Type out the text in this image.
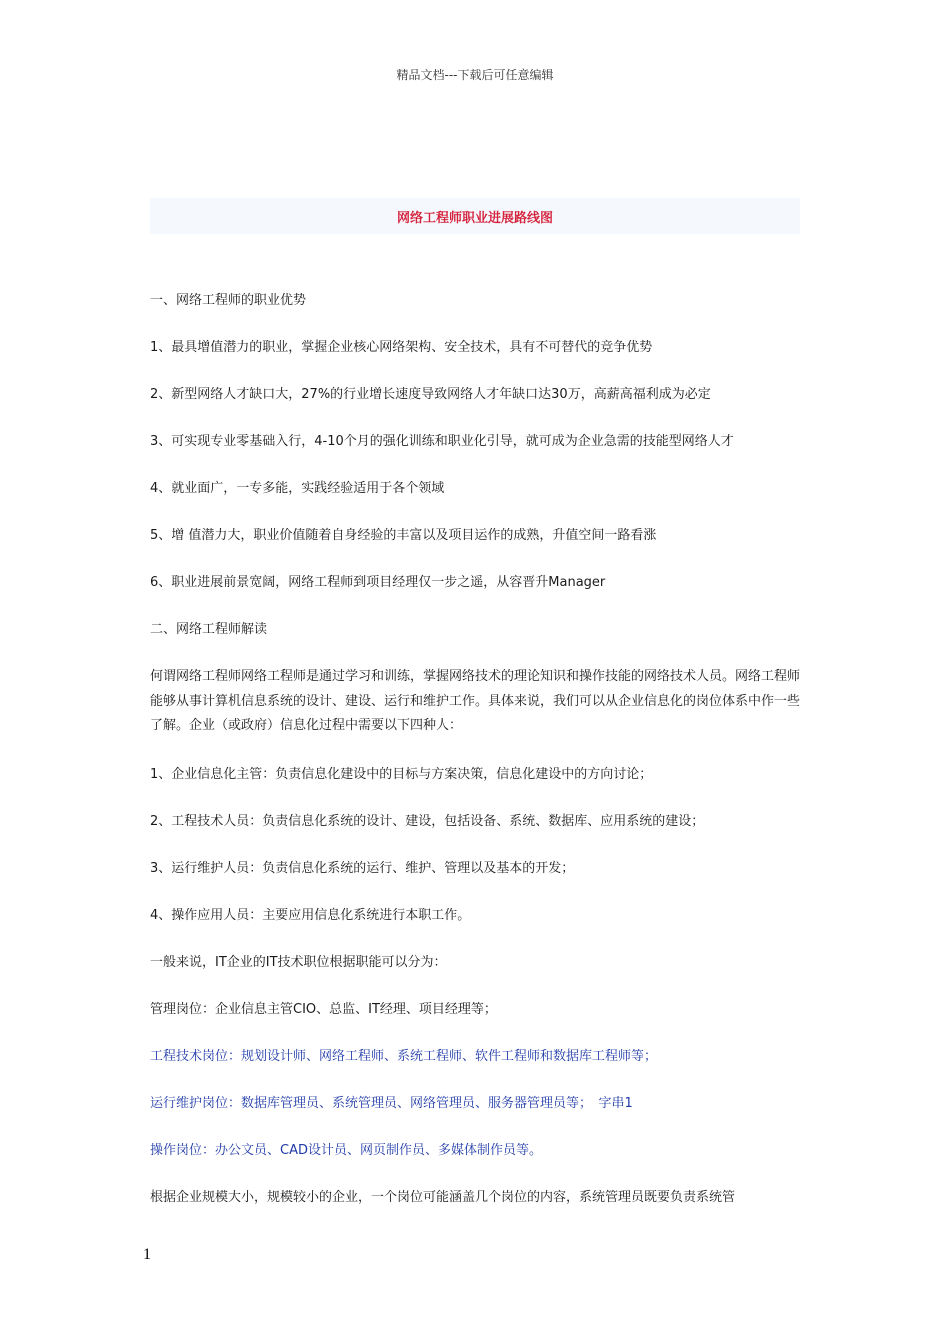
精品文档---下载后可任意编辑
网络工程师职业进展路线图

一、网络工程师的职业优势

1、最具增值潜力的职业，掌握企业核心网络架构、安全技术，具有不可替代的竞争优势

2、新型网络人才缺口大，27%的行业增长速度导致网络人才年缺口达30万，高薪高福利成为必定

3、可实现专业零基础入行，4-10个月的强化训练和职业化引导，就可成为企业急需的技能型网络人才

4、就业面广，一专多能，实践经验适用于各个领域

5、增 值潜力大，职业价值随着自身经验的丰富以及项目运作的成熟，升值空间一路看涨

6、职业进展前景宽阔，网络工程师到项目经理仅一步之遥，从容晋升Manager

二、网络工程师解读

何谓网络工程师网络工程师是通过学习和训练，掌握网络技术的理论知识和操作技能的网络技术人员。网络工程师能够从事计算机信息系统的设计、建设、运行和维护工作。具体来说，我们可以从企业信息化的岗位体系中作一些了解。企业（或政府）信息化过程中需要以下四种人：

1、企业信息化主管：负责信息化建设中的目标与方案决策，信息化建设中的方向讨论；

2、工程技术人员：负责信息化系统的设计、建设，包括设备、系统、数据库、应用系统的建设；

3、运行维护人员：负责信息化系统的运行、维护、管理以及基本的开发；

4、操作应用人员：主要应用信息化系统进行本职工作。

一般来说，IT企业的IT技术职位根据职能可以分为：

管理岗位：企业信息主管CIO、总监、IT经理、项目经理等；

工程技术岗位：规划设计师、网络工程师、系统工程师、软件工程师和数据库工程师等；

运行维护岗位：数据库管理员、系统管理员、网络管理员、服务器管理员等；　字串1

操作岗位：办公文员、CAD设计员、网页制作员、多媒体制作员等。

根据企业规模大小，规模较小的企业，一个岗位可能涵盖几个岗位的内容，系统管理员既要负责系统管

1
